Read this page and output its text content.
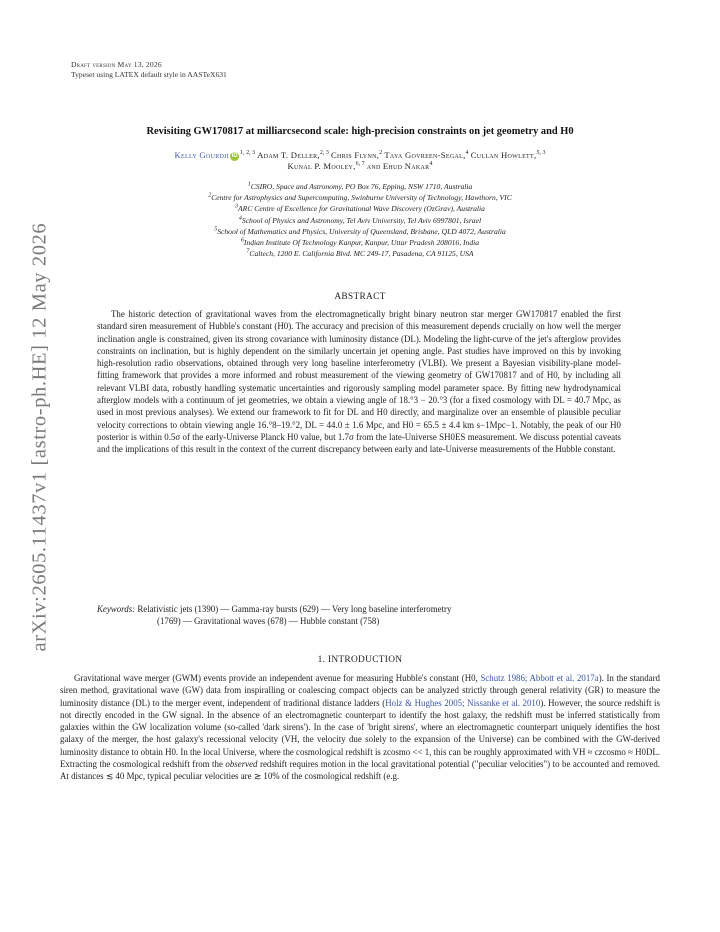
Draft version May 13, 2026
Typeset using LATEX default style in AASTeX631
arXiv:2605.11437v1 [astro-ph.HE] 12 May 2026
Revisiting GW170817 at milliarcsecond scale: high-precision constraints on jet geometry and H0
Kelly Gourdji iD $^{1, 2, 3}$ Adam T. Deller,$^{2, 3}$ Chris Flynn,$^2$ Taya Govreen-Segal,$^4$ Cullan Howlett,$^{5, 3}$
Kunal P. Mooley,$^{6, 7}$ and Ehud Nakar$^4$
$^1$CSIRO, Space and Astronomy, PO Box 76, Epping, NSW 1710, Australia
$^2$Centre for Astrophysics and Supercomputing, Swinburne University of Technology, Hawthorn, VIC
$^3$ARC Centre of Excellence for Gravitational Wave Discovery (OzGrav), Australia
$^4$School of Physics and Astronomy, Tel Aviv University, Tel Aviv 6997801, Israel
$^5$School of Mathematics and Physics, University of Queensland, Brisbane, QLD 4072, Australia
$^6$Indian Institute Of Technology Kanpur, Kanpur, Uttar Pradesh 208016, India
$^7$Caltech, 1200 E. California Blvd. MC 249-17, Pasadena, CA 91125, USA
ABSTRACT

The historic detection of gravitational waves from the electromagnetically bright binary neutron star merger GW170817 enabled the first standard siren measurement of Hubble's constant (H0). The accuracy and precision of this measurement depends crucially on how well the merger inclination angle is constrained, given its strong covariance with luminosity distance (DL). Modeling the light-curve of the jet's afterglow provides constraints on inclination, but is highly dependent on the similarly uncertain jet opening angle. Past studies have improved on this by invoking high-resolution radio observations, obtained through very long baseline interferometry (VLBI). We present a Bayesian visibility-plane model-fitting framework that provides a more informed and robust measurement of the viewing geometry of GW170817 and of H0, by including all relevant VLBI data, robustly handling systematic uncertainties and rigorously sampling model parameter space. By fitting new hydrodynamical afterglow models with a continuum of jet geometries, we obtain a viewing angle of 18.°3 − 20.°3 (for a fixed cosmology with DL = 40.7 Mpc, as used in most previous analyses). We extend our framework to fit for DL and H0 directly, and marginalize over an ensemble of plausible peculiar velocity corrections to obtain viewing angle 16.°8–19.°2, DL = 44.0 ± 1.6 Mpc, and H0 = 65.5 ± 4.4 km s−1Mpc−1. Notably, the peak of our H0 posterior is within 0.5σ of the early-Universe Planck H0 value, but 1.7σ from the late-Universe SH0ES measurement. We discuss potential caveats and the implications of this result in the context of the current discrepancy between early and late-Universe measurements of the Hubble constant.

Keywords: Relativistic jets (1390) — Gamma-ray bursts (629) — Very long baseline interferometry
(1769) — Gravitational waves (678) — Hubble constant (758)
1. INTRODUCTION

Gravitational wave merger (GWM) events provide an independent avenue for measuring Hubble's constant (H0, Schutz 1986; Abbott et al. 2017a). In the standard siren method, gravitational wave (GW) data from inspiralling or coalescing compact objects can be analyzed strictly through general relativity (GR) to measure the luminosity distance (DL) to the merger event, independent of traditional distance ladders (Holz & Hughes 2005; Nissanke et al. 2010). However, the source redshift is not directly encoded in the GW signal. In the absence of an electromagnetic counterpart to identify the host galaxy, the redshift must be inferred statistically from galaxies within the GW localization volume (so-called 'dark sirens'). In the case of 'bright sirens', where an electromagnetic counterpart uniquely identifies the host galaxy of the merger, the host galaxy's recessional velocity (VH, the velocity due solely to the expansion of the Universe) can be combined with the GW-derived luminosity distance to obtain H0. In the local Universe, where the cosmological redshift is zcosmo << 1, this can be roughly approximated with VH ≈ czcosmo ≈ H0DL. Extracting the cosmological redshift from the observed redshift requires motion in the local gravitational potential ("peculiar velocities") to be accounted and removed. At distances ≲ 40 Mpc, typical peculiar velocities are ≳ 10% of the cosmological redshift (e.g.
